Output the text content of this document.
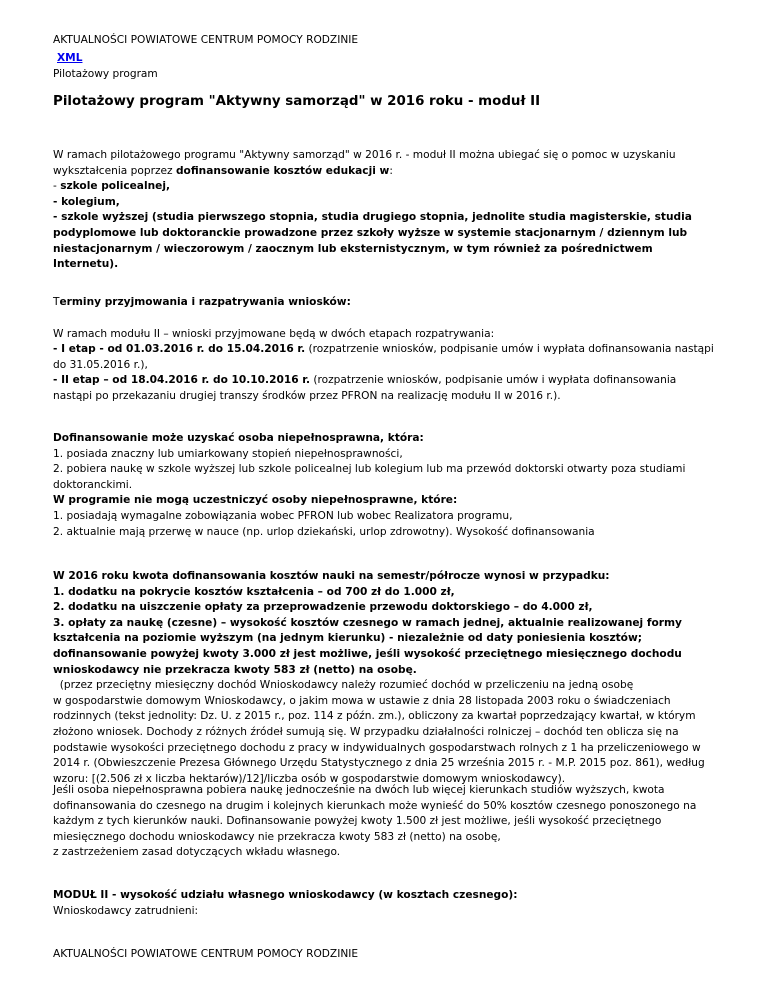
AKTUALNOŚCI POWIATOWE CENTRUM POMOCY RODZINIE
XML
Pilotażowy program
Pilotażowy program "Aktywny samorząd" w 2016 roku - moduł II
W ramach pilotażowego programu "Aktywny samorząd" w 2016 r. - moduł II można ubiegać się o pomoc w uzyskaniu
wykształcenia poprzez dofinansowanie kosztów edukacji w:
- szkole policealnej,
- kolegium,
- szkole wyższej (studia pierwszego stopnia, studia drugiego stopnia, jednolite studia magisterskie, studia
podyplomowe lub doktoranckie prowadzone przez szkoły wyższe w systemie stacjonarnym / dziennym lub
niestacjonarnym / wieczorowym / zaocznym lub eksternistycznym, w tym również za pośrednictwem
Internetu).
Terminy przyjmowania i razpatrywania wniosków:
W ramach modułu II – wnioski przyjmowane będą w dwóch etapach rozpatrywania:
- I etap - od 01.03.2016 r. do 15.04.2016 r. (rozpatrzenie wniosków, podpisanie umów i wypłata dofinansowania nastąpi
do 31.05.2016 r.),
- II etap – od 18.04.2016 r. do 10.10.2016 r. (rozpatrzenie wniosków, podpisanie umów i wypłata dofinansowania
nastąpi po przekazaniu drugiej transzy środków przez PFRON na realizację modułu II w 2016 r.).
Dofinansowanie może uzyskać osoba niepełnosprawna, która:
1. posiada znaczny lub umiarkowany stopień niepełnosprawności,
2. pobiera naukę w szkole wyższej lub szkole policealnej lub kolegium lub ma przewód doktorski otwarty poza studiami
doktoranckimi.
W programie nie mogą uczestniczyć osoby niepełnosprawne, które:
1. posiadają wymagalne zobowiązania wobec PFRON lub wobec Realizatora programu,
2. aktualnie mają przerwę w nauce (np. urlop dziekański, urlop zdrowotny). Wysokość dofinansowania
W 2016 roku kwota dofinansowania kosztów nauki na semestr/półrocze wynosi w przypadku:
1. dodatku na pokrycie kosztów kształcenia – od 700 zł do 1.000 zł,
2. dodatku na uiszczenie opłaty za przeprowadzenie przewodu doktorskiego – do 4.000 zł,
3. opłaty za naukę (czesne) – wysokość kosztów czesnego w ramach jednej, aktualnie realizowanej formy
kształcenia na poziomie wyższym (na jednym kierunku) - niezależnie od daty poniesienia kosztów;
dofinansowanie powyżej kwoty 3.000 zł jest możliwe, jeśli wysokość przeciętnego miesięcznego dochodu
wnioskodawcy nie przekracza kwoty 583 zł (netto) na osobę.
(przez przeciętny miesięczny dochód Wnioskodawcy należy rozumieć dochód w przeliczeniu na jedną osobę
w gospodarstwie domowym Wnioskodawcy, o jakim mowa w ustawie z dnia 28 listopada 2003 roku o świadczeniach
rodzinnych (tekst jednolity: Dz. U. z 2015 r., poz. 114 z późn. zm.), obliczony za kwartał poprzedzający kwartał, w którym
złożono wniosek. Dochody z różnych źródeł sumują się. W przypadku działalności rolniczej – dochód ten oblicza się na
podstawie wysokości przeciętnego dochodu z pracy w indywidualnych gospodarstwach rolnych z 1 ha przeliczeniowego w
2014 r. (Obwieszczenie Prezesa Głównego Urzędu Statystycznego z dnia 25 września 2015 r. - M.P. 2015 poz. 861), według
wzoru: [(2.506 zł x liczba hektarów)/12]/liczba osób w gospodarstwie domowym wnioskodawcy).
Jeśli osoba niepełnosprawna pobiera naukę jednocześnie na dwóch lub więcej kierunkach studiów wyższych, kwota
dofinansowania do czesnego na drugim i kolejnych kierunkach może wynieść do 50% kosztów czesnego ponoszonego na
każdym z tych kierunków nauki. Dofinansowanie powyżej kwoty 1.500 zł jest możliwe, jeśli wysokość przeciętnego
miesięcznego dochodu wnioskodawcy nie przekracza kwoty 583 zł (netto) na osobę,
z zastrzeżeniem zasad dotyczących wkładu własnego.
MODUŁ II - wysokość udziału własnego wnioskodawcy (w kosztach czesnego):
Wnioskodawcy zatrudnieni:
AKTUALNOŚCI POWIATOWE CENTRUM POMOCY RODZINIE
